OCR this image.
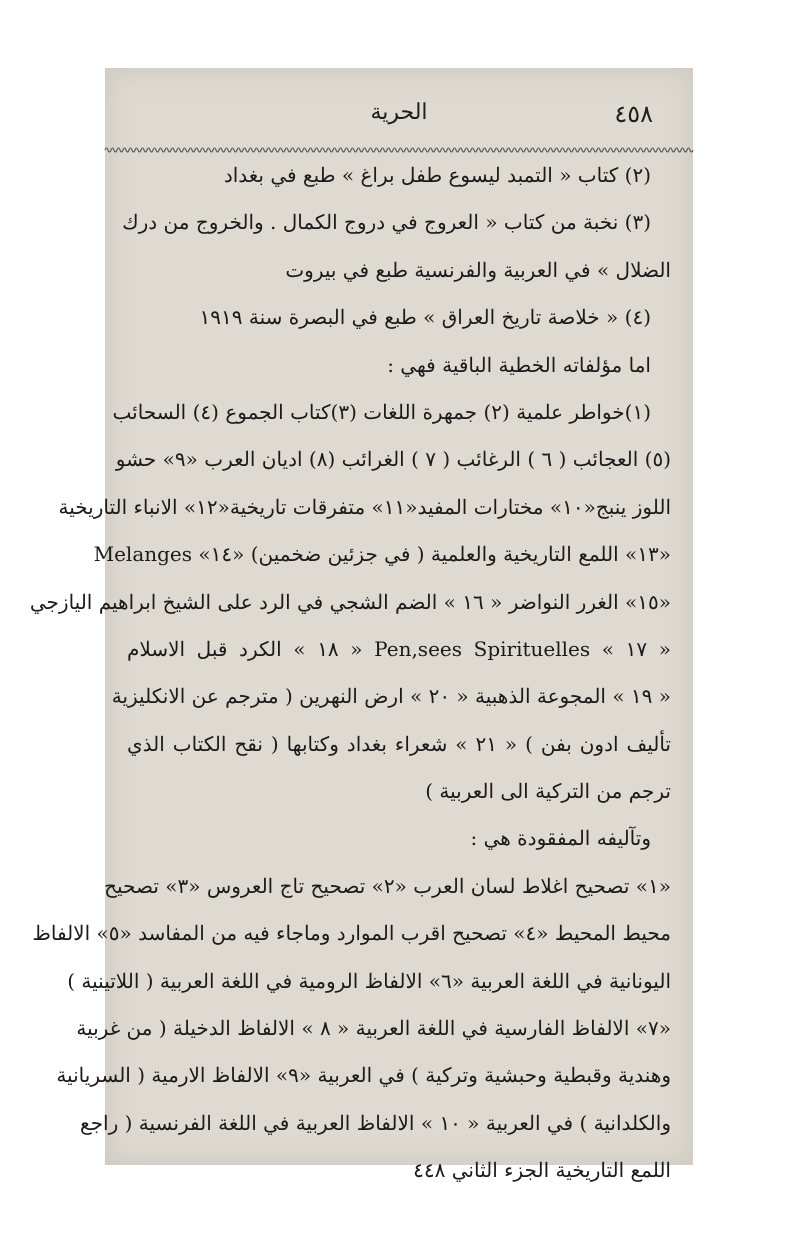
الحرية	٤٥٨
(٢) كتاب « التمبد ليسوع طفل براغ » طبع في بغداد
(٣) نخبة من كتاب « العروج في دروج الكمال . والخروج من درك
الضلال » في العربية والفرنسية طبع في بيروت
(٤) « خلاصة تاريخ العراق » طبع في البصرة سنة ١٩١٩
اما مؤلفاته الخطية الباقية فهي :
(١)خواطر علمية (٢) جمهرة اللغات (٣)كتاب الجموع (٤) السحائب
(٥) العجائب ( ٦ ) الرغائب ( ٧ ) الغرائب (٨) اديان العرب «٩» حشو
اللوز ينبج«١٠» مختارات المفيد«١١» متفرقات تاريخية«١٢» الانباء التاريخية
«١٣» اللمع التاريخية والعلمية ( في جزئين ضخمين) «١٤» Melanges
«١٥» الغرر النواضر « ١٦ » الضم الشجي في الرد على الشيخ ابراهيم اليازجي
« ١٧ » Pen,sees Spirituelles « ١٨ » الكرد قبل الاسلام
« ١٩ » المجوعة الذهبية « ٢٠ » ارض النهرين ( مترجم عن الانكليزية
تأليف ادون بفن ) « ٢١ » شعراء بغداد وكتابها ( نقح الكتاب الذي
ترجم من التركية الى العربية )
وتآليفه المفقودة هي :
«١» تصحيح اغلاط لسان العرب «٢» تصحيح تاج العروس «٣» تصحيح
محيط المحيط «٤» تصحيح اقرب الموارد وماجاء فيه من المفاسد «٥» الالفاظ
اليونانية في اللغة العربية «٦» الالفاظ الرومية في اللغة العربية ( اللاتينية )
«٧» الالفاظ الفارسية في اللغة العربية « ٨ » الالفاظ الدخيلة ( من غربية
وهندية وقبطية وحبشية وتركية ) في العربية «٩» الالفاظ الارمية ( السريانية
والكلدانية ) في العربية « ١٠ » الالفاظ العربية في اللغة الفرنسية ( راجع
اللمع التاريخية الجزء الثاني ٤٤٨
